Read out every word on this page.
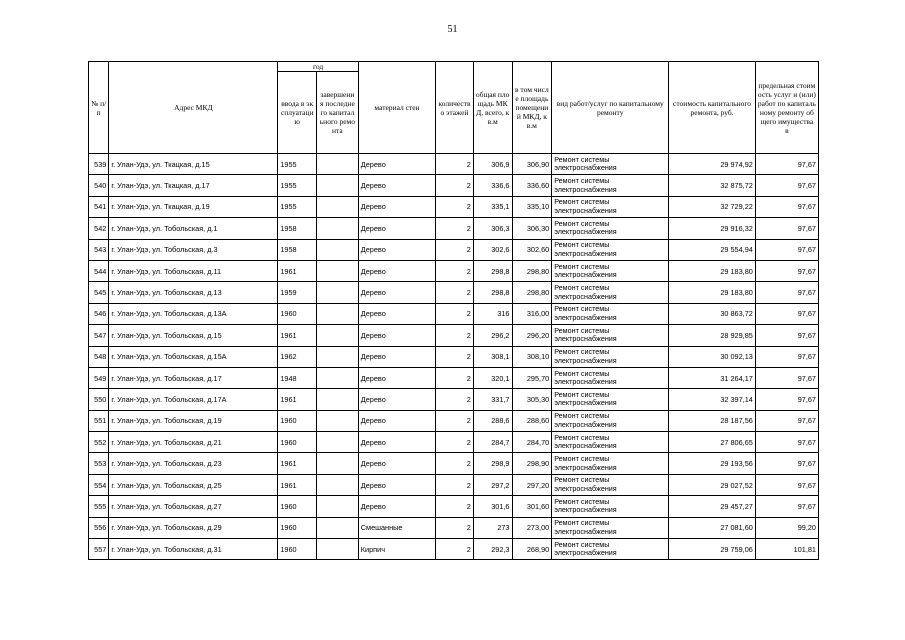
51
№ п/п	Адрес МКД	год		материал стен	количество этажей	общая площадь МКД, всего, кв.м	в том числе площадь помещений МКД, кв.м	вид работ/услуг по капитальному ремонту	стоимость капитального ремонта, руб.	предельная стоимость услуг и (или) работ по капитальному ремонту общего имущества в
		ввода в эксплуатацию	завершения последнего капитального ремонта							
539	г. Улан-Удэ, ул. Ткацкая, д.15	1955		Дерево	2	306,9	306,90	Ремонт системы электроснабжения	29 974,92	97,67
540	г. Улан-Удэ, ул. Ткацкая, д.17	1955		Дерево	2	336,6	336,60	Ремонт системы электроснабжения	32 875,72	97,67
541	г. Улан-Удэ, ул. Ткацкая, д.19	1955		Дерево	2	335,1	335,10	Ремонт системы электроснабжения	32 729,22	97,67
542	г. Улан-Удэ, ул. Тобольская, д.1	1958		Дерево	2	306,3	306,30	Ремонт системы электроснабжения	29 916,32	97,67
543	г. Улан-Удэ, ул. Тобольская, д.3	1958		Дерево	2	302,6	302,60	Ремонт системы электроснабжения	29 554,94	97,67
544	г. Улан-Удэ, ул. Тобольская, д.11	1961		Дерево	2	298,8	298,80	Ремонт системы электроснабжения	29 183,80	97,67
545	г. Улан-Удэ, ул. Тобольская, д.13	1959		Дерево	2	298,8	298,80	Ремонт системы электроснабжения	29 183,80	97,67
546	г. Улан-Удэ, ул. Тобольская, д.13А	1960		Дерево	2	316	316,00	Ремонт системы электроснабжения	30 863,72	97,67
547	г. Улан-Удэ, ул. Тобольская, д.15	1961		Дерево	2	296,2	296,20	Ремонт системы электроснабжения	28 929,85	97,67
548	г. Улан-Удэ, ул. Тобольская, д.15А	1962		Дерево	2	308,1	308,10	Ремонт системы электроснабжения	30 092,13	97,67
549	г. Улан-Удэ, ул. Тобольская, д.17	1948		Дерево	2	320,1	295,70	Ремонт системы электроснабжения	31 264,17	97,67
550	г. Улан-Удэ, ул. Тобольская, д.17А	1961		Дерево	2	331,7	305,30	Ремонт системы электроснабжения	32 397,14	97,67
551	г. Улан-Удэ, ул. Тобольская, д.19	1960		Дерево	2	288,6	288,60	Ремонт системы электроснабжения	28 187,56	97,67
552	г. Улан-Удэ, ул. Тобольская, д.21	1960		Дерево	2	284,7	284,70	Ремонт системы электроснабжения	27 806,65	97,67
553	г. Улан-Удэ, ул. Тобольская, д.23	1961		Дерево	2	298,9	298,90	Ремонт системы электроснабжения	29 193,56	97,67
554	г. Улан-Удэ, ул. Тобольская, д.25	1961		Дерево	2	297,2	297,20	Ремонт системы электроснабжения	29 027,52	97,67
555	г. Улан-Удэ, ул. Тобольская, д.27	1960		Дерево	2	301,6	301,60	Ремонт системы электроснабжения	29 457,27	97,67
556	г. Улан-Удэ, ул. Тобольская, д.29	1960		Смешанные	2	273	273,00	Ремонт системы электроснабжения	27 081,60	99,20
557	г. Улан-Удэ, ул. Тобольская, д.31	1960		Кирпич	2	292,3	268,90	Ремонт системы электроснабжения	29 759,06	101,81
